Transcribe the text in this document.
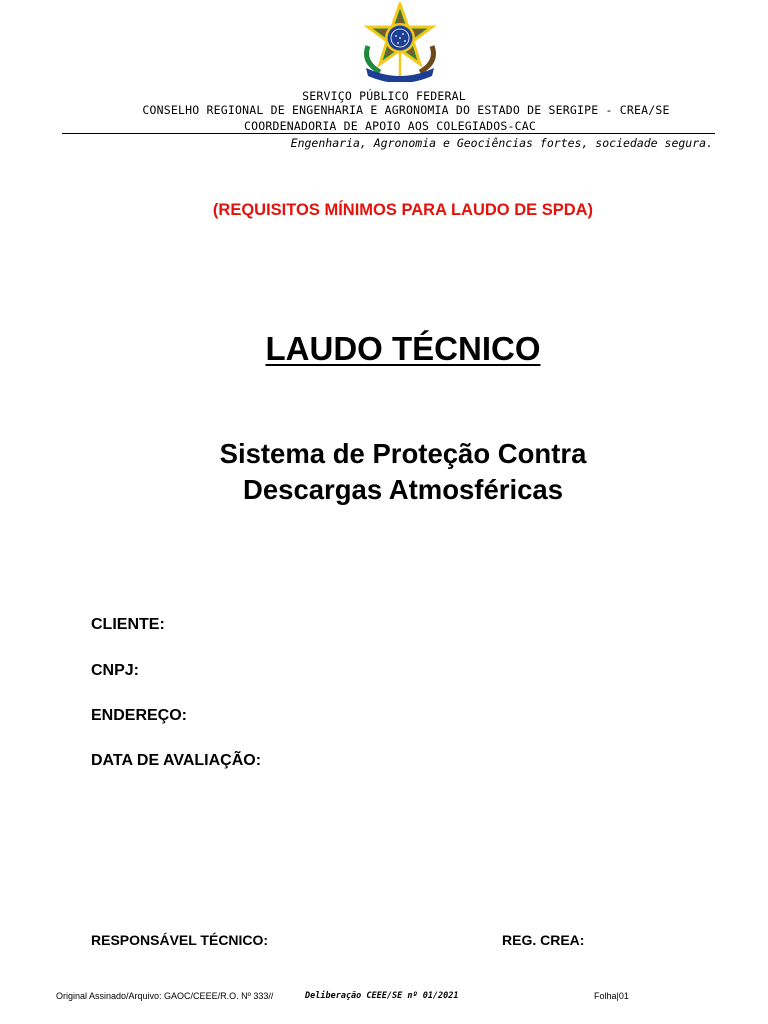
SERVIÇO PÚBLICO FEDERAL
CONSELHO REGIONAL DE ENGENHARIA E AGRONOMIA DO ESTADO DE SERGIPE - CREA/SE
COORDENADORIA DE APOIO AOS COLEGIADOS-CAC
Engenharia, Agronomia e Geociências fortes, sociedade segura.
(REQUISITOS MÍNIMOS PARA LAUDO DE SPDA)
LAUDO TÉCNICO
Sistema de Proteção Contra
Descargas Atmosféricas
CLIENTE:
CNPJ:
ENDEREÇO:
DATA DE AVALIAÇÃO:
RESPONSÁVEL TÉCNICO:	REG. CREA:
Original Assinado/Arquivo: GAOC/CEEE/R.O. Nº 333//	Deliberação CEEE/SE nº 01/2021	Folha|01
